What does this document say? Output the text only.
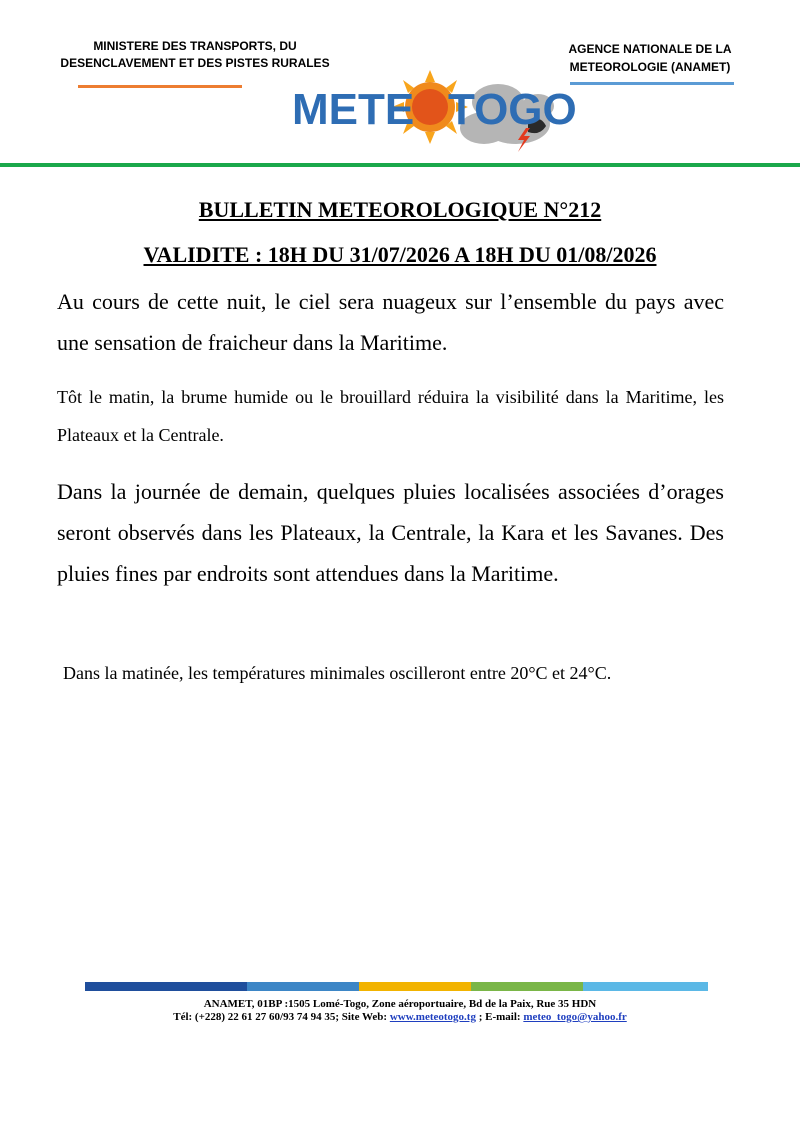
MINISTERE DES TRANSPORTS, DU
DESENCLAVEMENT ET DES PISTES RURALES
AGENCE NATIONALE DE LA
METEOROLOGIE (ANAMET)
METE TOGO
BULLETIN METEOROLOGIQUE N°212
VALIDITE : 18H DU 31/07/2026 A 18H DU 01/08/2026
Au cours de cette nuit, le ciel sera nuageux sur l’ensemble du pays avec une sensation de fraicheur dans la Maritime.
Tôt le matin, la brume humide ou le brouillard réduira la visibilité dans la Maritime, les Plateaux et la Centrale.
Dans la journée de demain, quelques pluies localisées associées d’orages seront observés dans les Plateaux, la Centrale, la Kara et les Savanes. Des pluies fines par endroits sont attendues dans la Maritime.
Dans la matinée, les températures minimales oscilleront entre 20°C et 24°C.
ANAMET, 01BP :1505 Lomé-Togo, Zone aéroportuaire, Bd de la Paix, Rue 35 HDN
Tél: (+228) 22 61 27 60/93 74 94 35; Site Web: www.meteotogo.tg ; E-mail: meteo_togo@yahoo.fr
